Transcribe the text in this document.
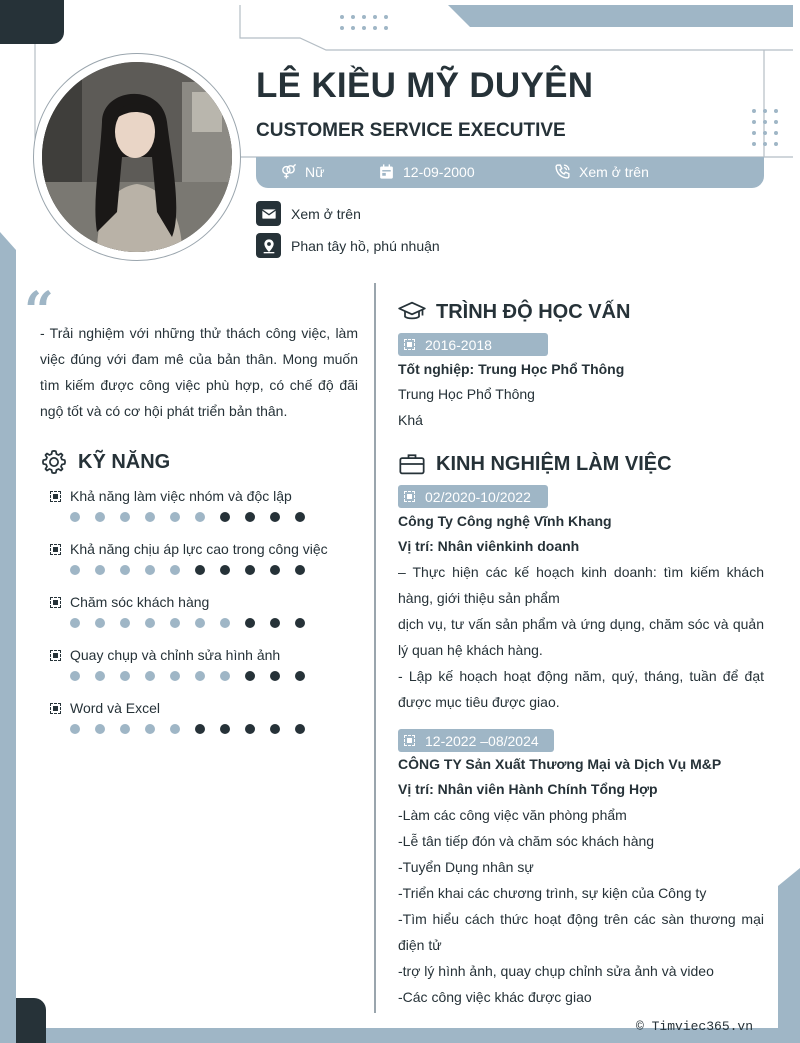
LÊ KIỀU MỸ DUYÊN
CUSTOMER SERVICE EXECUTIVE
Nữ	12-09-2000	Xem ở trên
Xem ở trên
Phan tây hồ, phú nhuận
“
- Trải nghiệm với những thử thách công việc, làm việc đúng với đam mê của bản thân. Mong muốn tìm kiếm được công việc phù hợp, có chế độ đãi ngộ tốt và có cơ hội phát triển bản thân.
KỸ NĂNG
Khả năng làm việc nhóm và độc lập
Khả năng chịu áp lực cao trong công việc
Chăm sóc khách hàng
Quay chụp và chỉnh sửa hình ảnh
Word và Excel
TRÌNH ĐỘ HỌC VẤN
2016-2018
Tốt nghiệp: Trung Học Phổ Thông
Trung Học Phổ Thông
Khá
KINH NGHIỆM LÀM VIỆC
02/2020-10/2022
Công Ty Công nghệ Vĩnh Khang
Vị trí: Nhân viênkinh doanh
– Thực hiện các kế hoạch kinh doanh: tìm kiếm khách hàng, giới thiệu sản phẩm
dịch vụ, tư vấn sản phẩm và ứng dụng, chăm sóc và quản lý quan hệ khách hàng.
- Lập kế hoạch hoạt động năm, quý, tháng, tuần để đạt được mục tiêu được giao.
12-2022 –08/2024
CÔNG TY Sản Xuất Thương Mại và Dịch Vụ M&P
Vị trí: Nhân viên Hành Chính Tổng Hợp
-Làm các công việc văn phòng phẩm
-Lễ tân tiếp đón và chăm sóc khách hàng
-Tuyển Dụng nhân sự
-Triển khai các chương trình, sự kiện của Công ty
-Tìm hiểu cách thức hoạt động trên các sàn thương mại điện tử
-trợ lý hình ảnh, quay chụp chỉnh sửa ảnh và video
-Các công việc khác được giao
© Timviec365.vn
